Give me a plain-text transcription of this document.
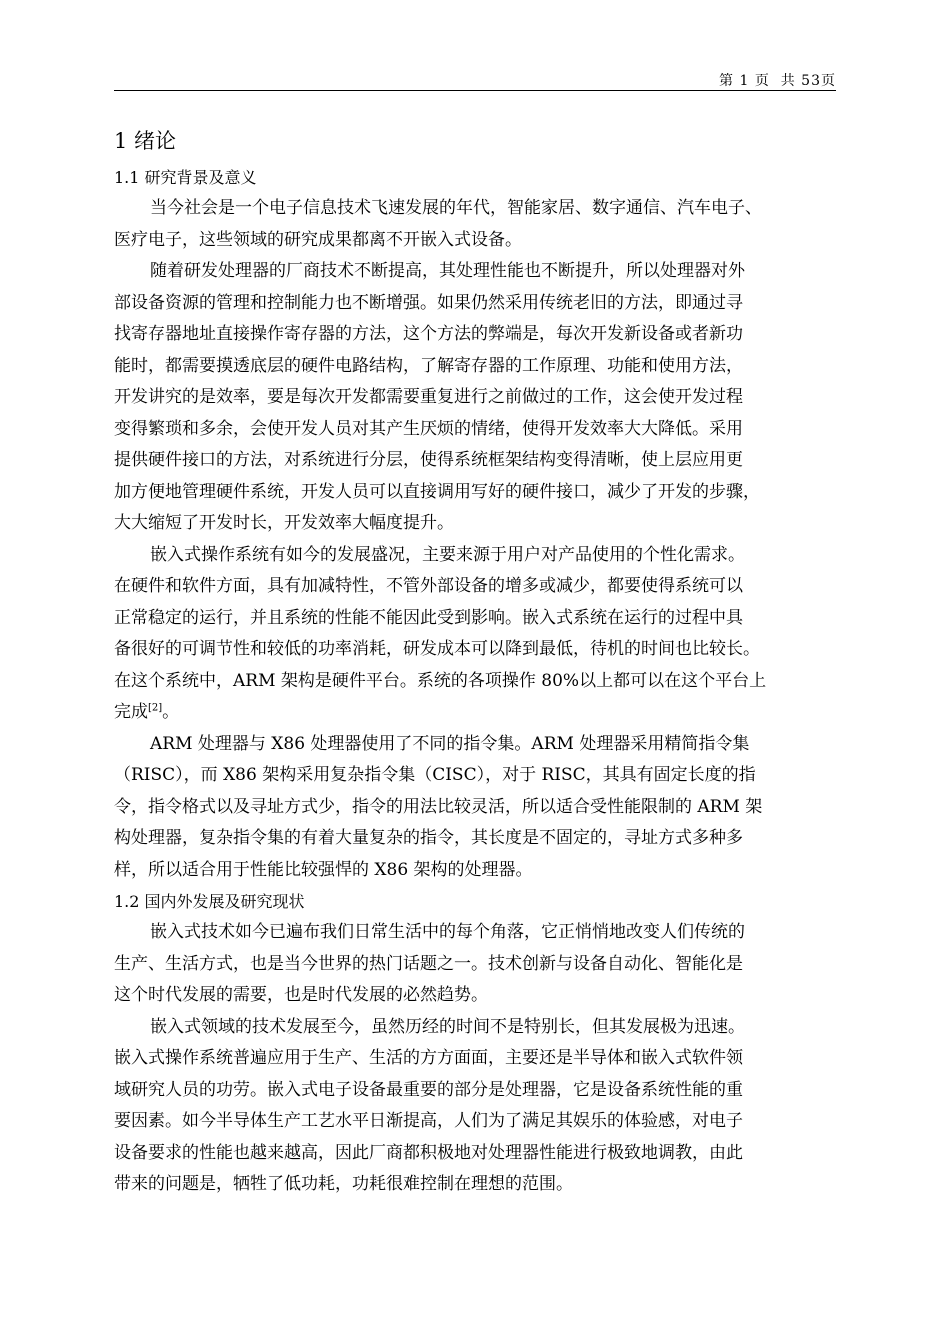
第 1 页  共 53页
1 绪论
1.1 研究背景及意义
当今社会是一个电子信息技术飞速发展的年代，智能家居、数字通信、汽车电子、
医疗电子，这些领域的研究成果都离不开嵌入式设备。
随着研发处理器的厂商技术不断提高，其处理性能也不断提升，所以处理器对外
部设备资源的管理和控制能力也不断增强。如果仍然采用传统老旧的方法，即通过寻
找寄存器地址直接操作寄存器的方法，这个方法的弊端是，每次开发新设备或者新功
能时，都需要摸透底层的硬件电路结构，了解寄存器的工作原理、功能和使用方法，
开发讲究的是效率，要是每次开发都需要重复进行之前做过的工作，这会使开发过程
变得繁琐和多余，会使开发人员对其产生厌烦的情绪，使得开发效率大大降低。采用
提供硬件接口的方法，对系统进行分层，使得系统框架结构变得清晰，使上层应用更
加方便地管理硬件系统，开发人员可以直接调用写好的硬件接口，减少了开发的步骤，
大大缩短了开发时长，开发效率大幅度提升。
嵌入式操作系统有如今的发展盛况，主要来源于用户对产品使用的个性化需求。
在硬件和软件方面，具有加减特性，不管外部设备的增多或减少，都要使得系统可以
正常稳定的运行，并且系统的性能不能因此受到影响。嵌入式系统在运行的过程中具
备很好的可调节性和较低的功率消耗，研发成本可以降到最低，待机的时间也比较长。
在这个系统中，ARM 架构是硬件平台。系统的各项操作 80%以上都可以在这个平台上
完成[2]。
ARM 处理器与 X86 处理器使用了不同的指令集。ARM 处理器采用精简指令集
（RISC），而 X86 架构采用复杂指令集（CISC），对于 RISC，其具有固定长度的指
令，指令格式以及寻址方式少，指令的用法比较灵活，所以适合受性能限制的 ARM 架
构处理器，复杂指令集的有着大量复杂的指令，其长度是不固定的，寻址方式多种多
样，所以适合用于性能比较强悍的 X86 架构的处理器。
1.2 国内外发展及研究现状
嵌入式技术如今已遍布我们日常生活中的每个角落，它正悄悄地改变人们传统的
生产、生活方式，也是当今世界的热门话题之一。技术创新与设备自动化、智能化是
这个时代发展的需要，也是时代发展的必然趋势。
嵌入式领域的技术发展至今，虽然历经的时间不是特别长，但其发展极为迅速。
嵌入式操作系统普遍应用于生产、生活的方方面面，主要还是半导体和嵌入式软件领
域研究人员的功劳。嵌入式电子设备最重要的部分是处理器，它是设备系统性能的重
要因素。如今半导体生产工艺水平日渐提高，人们为了满足其娱乐的体验感，对电子
设备要求的性能也越来越高，因此厂商都积极地对处理器性能进行极致地调教，由此
带来的问题是，牺牲了低功耗，功耗很难控制在理想的范围。
